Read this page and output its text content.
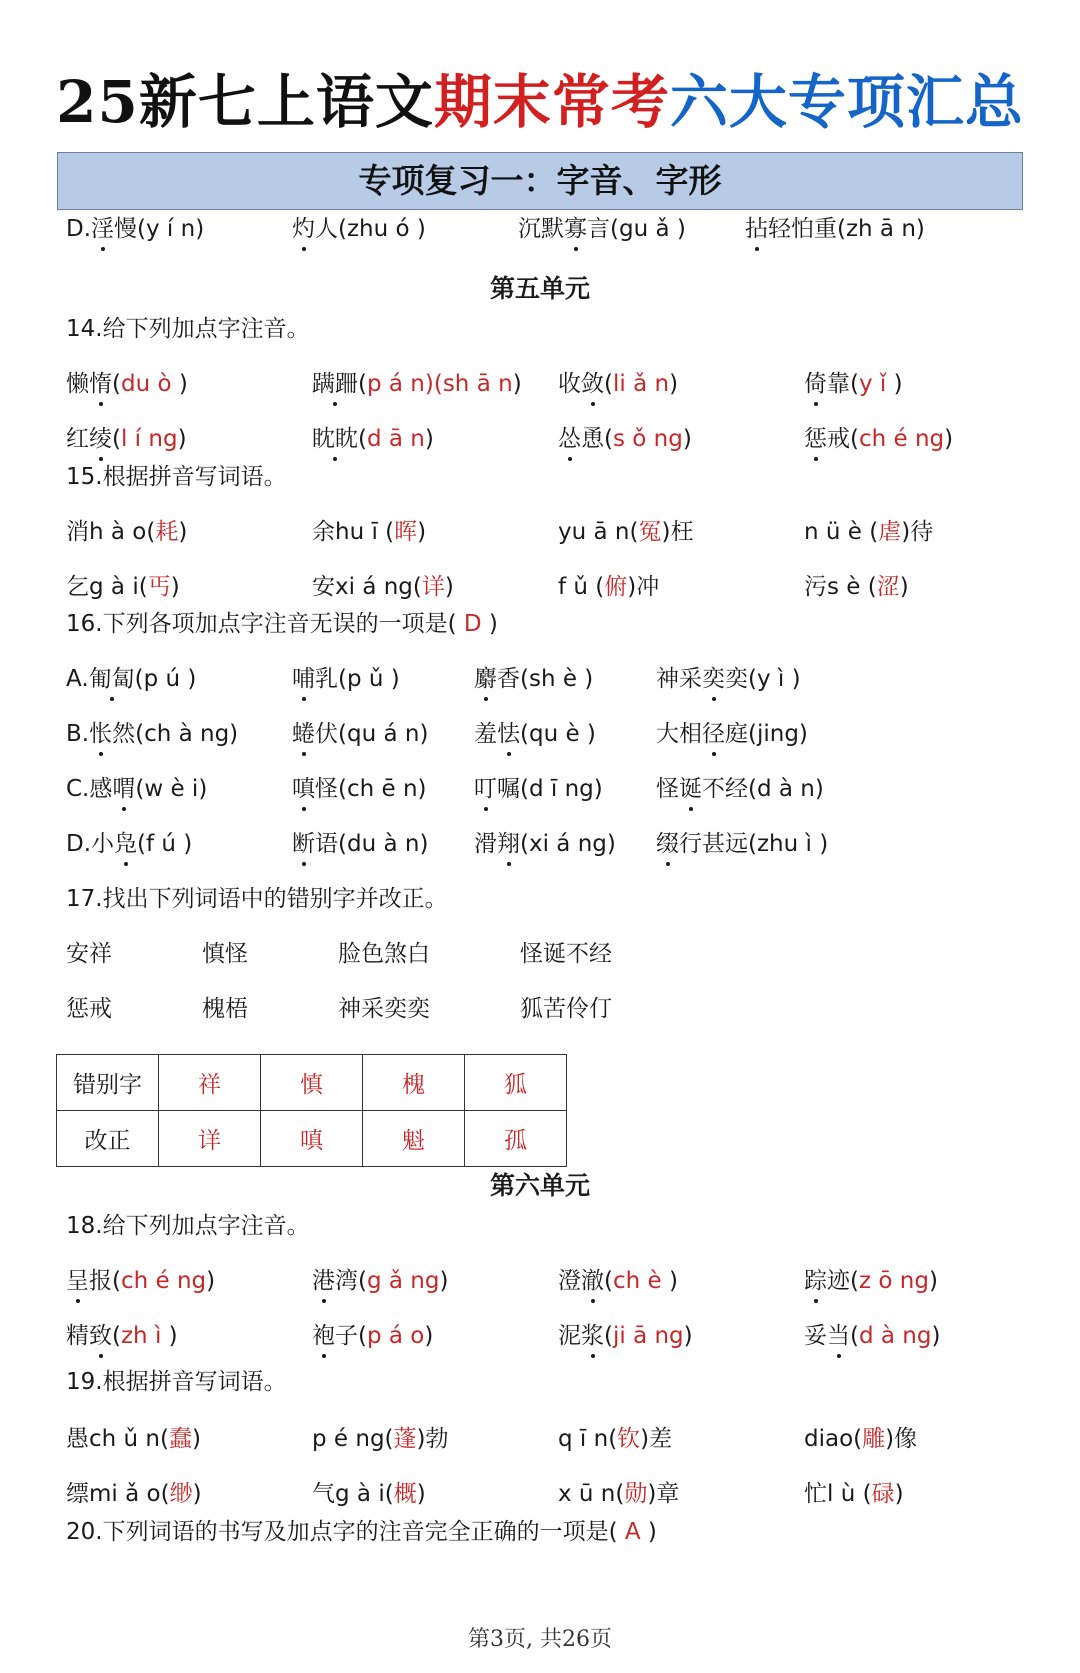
25新七上语文期末常考六大专项汇总
专项复习一：字音、字形
D.淫慢(y í n)	灼人(zhu ó )	沉默寡言(gu ǎ )	拈轻怕重(zh ā n)
第五单元
14.给下列加点字注音。
懒惰(du ò )	蹒跚(p á n)(sh ā n) 收敛(li ǎ n)	倚靠(y ǐ )
红绫(l í ng)	眈眈(d ā n)	怂恿(s ǒ ng)	惩戒(ch é ng)
15.根据拼音写词语。
消h à o(耗)	余hu ī (晖)	yu ā n(冤)枉	n ü è (虐)待
乞g à i(丐)	安xi á ng(详)	f ǔ (俯)冲	污s è (涩)
16.下列各项加点字注音无误的一项是( D )
A.匍匐(p ú )	哺乳(p ǔ )	麝香(sh è )	神采奕奕(y ì )
B.怅然(ch à ng) 蜷伏(qu á n) 羞怯(qu è )	大相径庭(jing)
C.感喟(w è i)	嗔怪(ch ē n) 叮嘱(d ī ng) 怪诞不经(d à n)
D.小凫(f ú )	断语(du à n) 滑翔(xi á ng) 缀行甚远(zhu ì )
17.找出下列词语中的错别字并改正。
安祥	慎怪	脸色煞白	怪诞不经
惩戒	槐梧	神采奕奕	狐苦伶仃
错别字	祥	慎	槐	狐
改正	详	嗔	魁	孤
第六单元
18.给下列加点字注音。
呈报(ch é ng)	港湾(g ǎ ng)	澄澈(ch è )	踪迹(z ō ng)
精致(zh ì )	袍子(p á o)	泥浆(ji ā ng)	妥当(d à ng)
19.根据拼音写词语。
愚ch ǔ n(蠢)	p é ng(蓬)勃	q ī n(钦)差	diao(雕)像
缥mi ǎ o(缈)	气g à i(概)	x ū n(勋)章	忙l ù (碌)
20.下列词语的书写及加点字的注音完全正确的一项是( A )
第3页, 共26页
